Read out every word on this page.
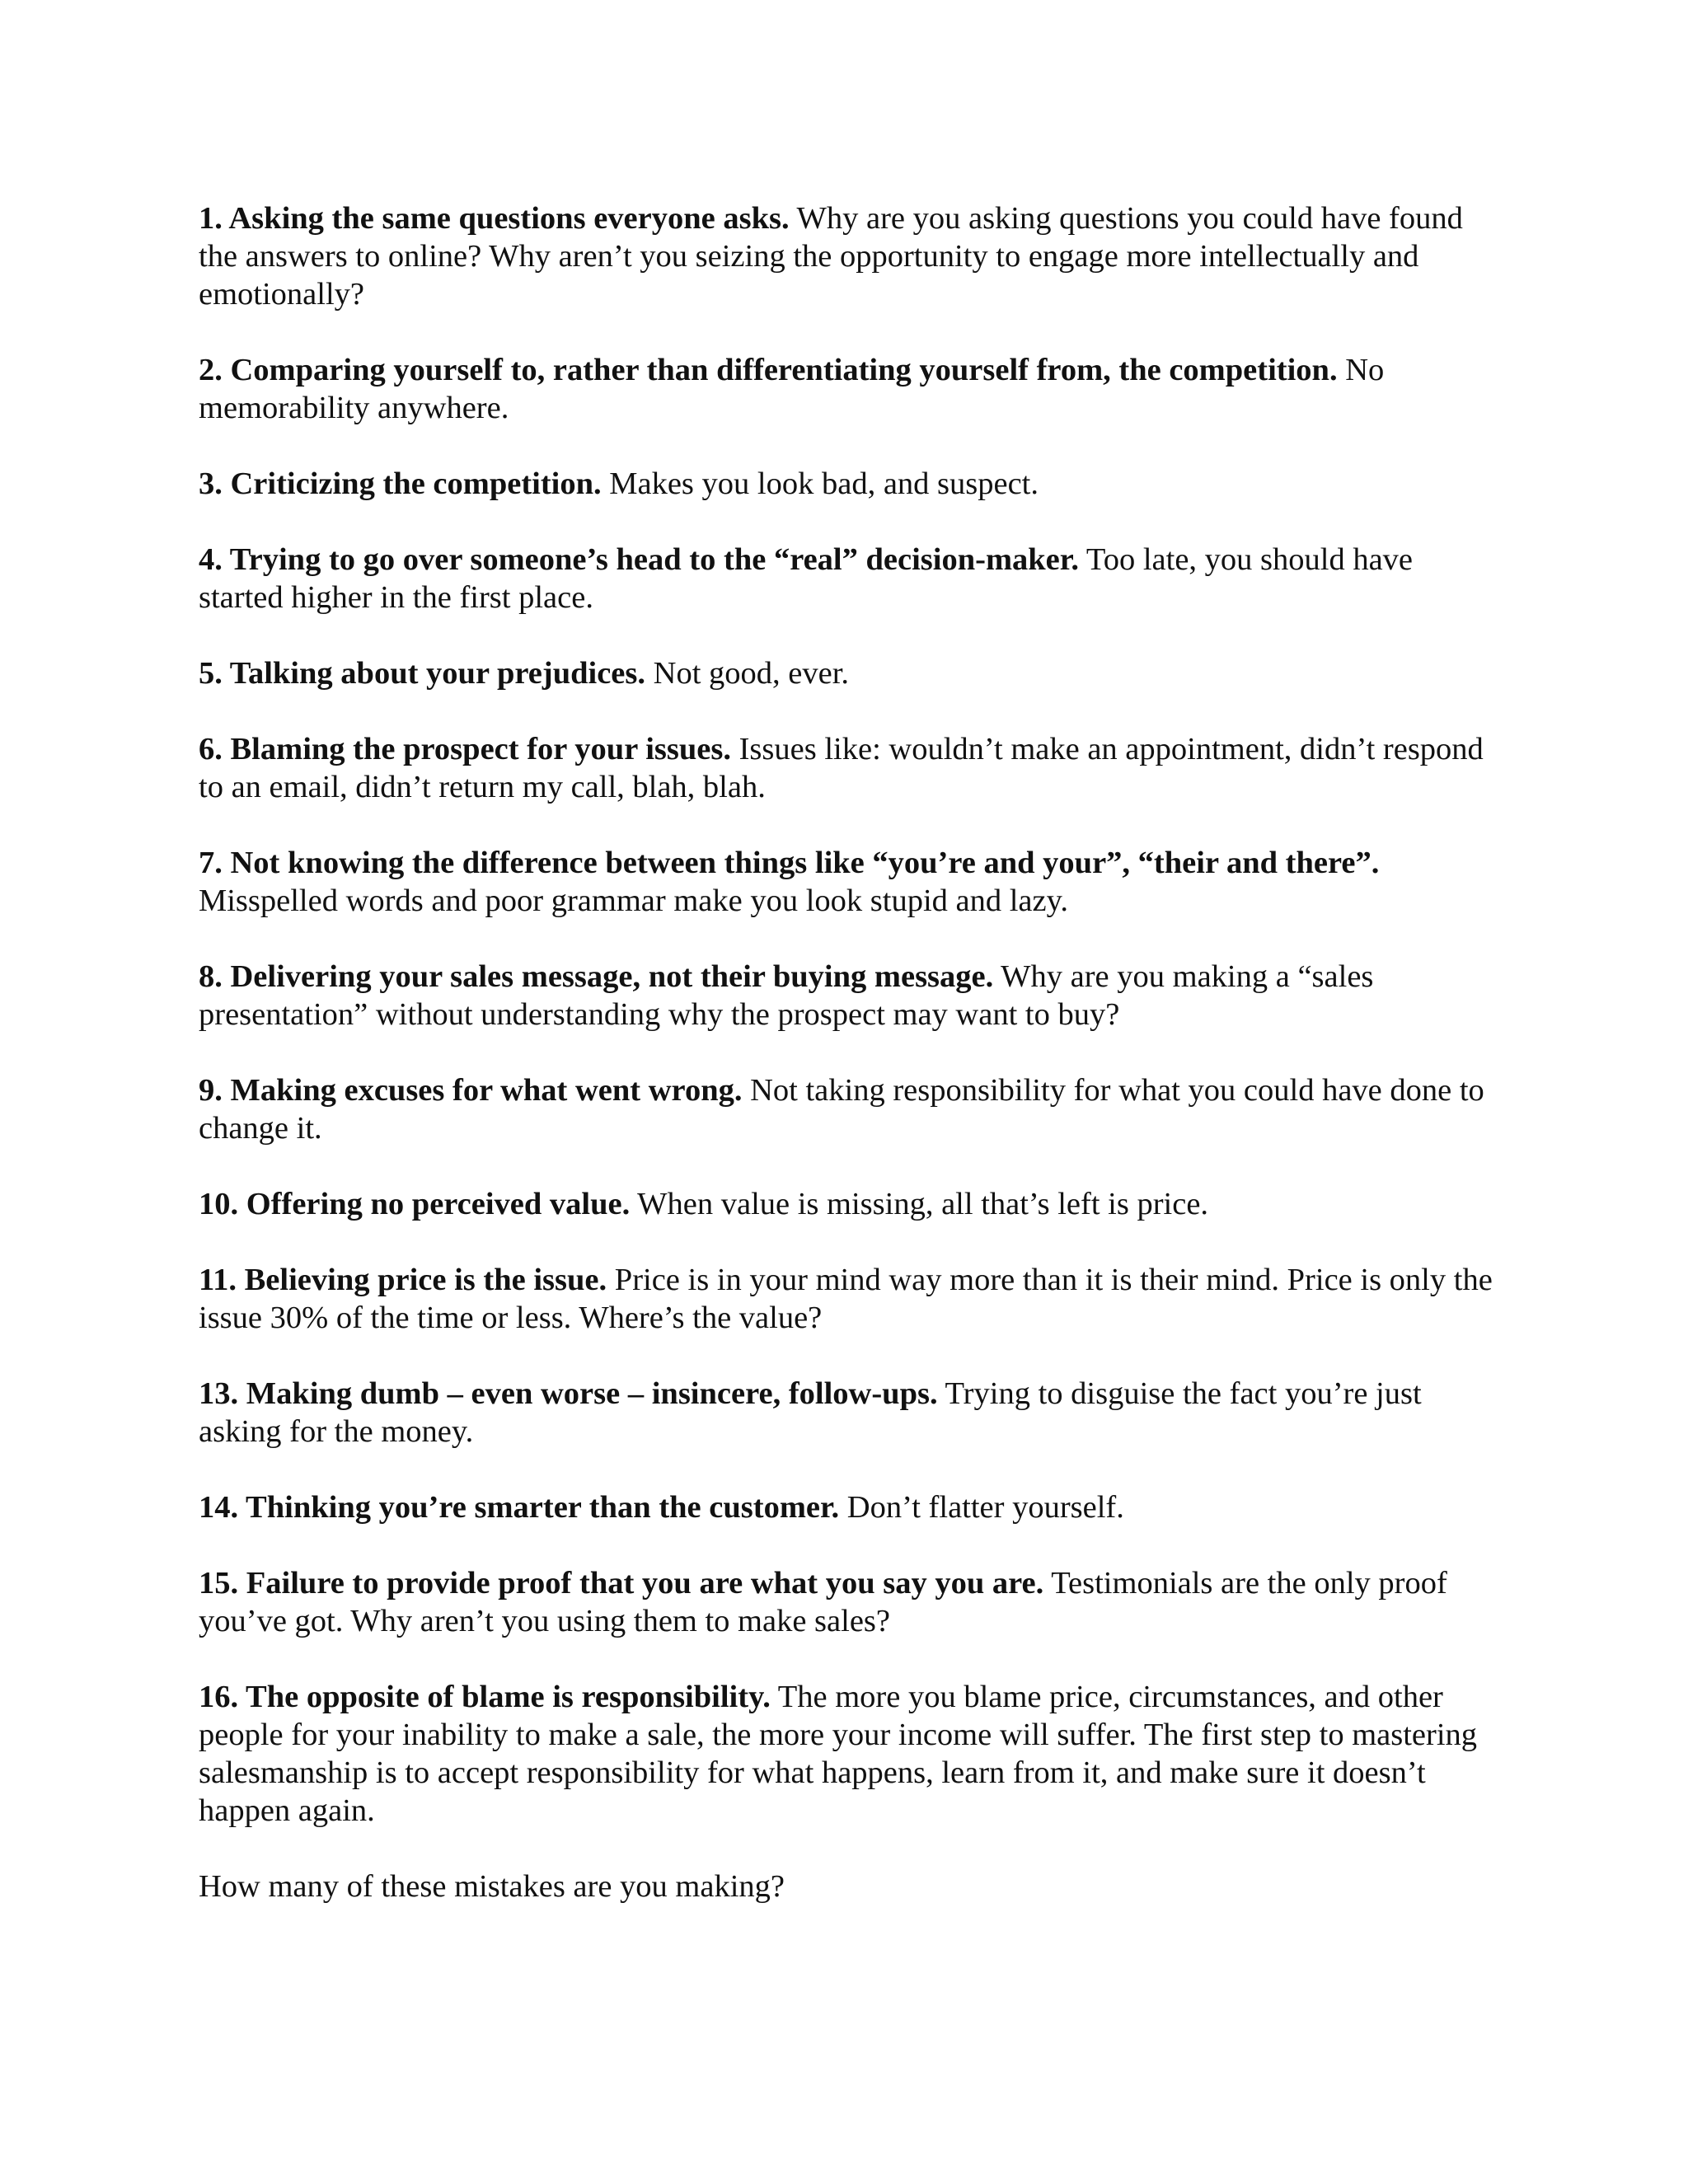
1. Asking the same questions everyone asks. Why are you asking questions you could have found the answers to online? Why aren’t you seizing the opportunity to engage more intellectually and emotionally?

2. Comparing yourself to, rather than differentiating yourself from, the competition. No memorability anywhere.

3. Criticizing the competition. Makes you look bad, and suspect.

4. Trying to go over someone’s head to the “real” decision-maker. Too late, you should have started higher in the first place.

5. Talking about your prejudices. Not good, ever.

6. Blaming the prospect for your issues. Issues like: wouldn’t make an appointment, didn’t respond to an email, didn’t return my call, blah, blah.

7. Not knowing the difference between things like “you’re and your”, “their and there”. Misspelled words and poor grammar make you look stupid and lazy.

8. Delivering your sales message, not their buying message. Why are you making a “sales presentation” without understanding why the prospect may want to buy?

9. Making excuses for what went wrong. Not taking responsibility for what you could have done to change it.

10. Offering no perceived value. When value is missing, all that’s left is price.

11. Believing price is the issue. Price is in your mind way more than it is their mind. Price is only the issue 30% of the time or less. Where’s the value?

13. Making dumb – even worse – insincere, follow-ups. Trying to disguise the fact you’re just asking for the money.

14. Thinking you’re smarter than the customer. Don’t flatter yourself.

15. Failure to provide proof that you are what you say you are. Testimonials are the only proof you’ve got. Why aren’t you using them to make sales?

16. The opposite of blame is responsibility. The more you blame price, circumstances, and other people for your inability to make a sale, the more your income will suffer. The first step to mastering salesmanship is to accept responsibility for what happens, learn from it, and make sure it doesn’t happen again.

How many of these mistakes are you making?
